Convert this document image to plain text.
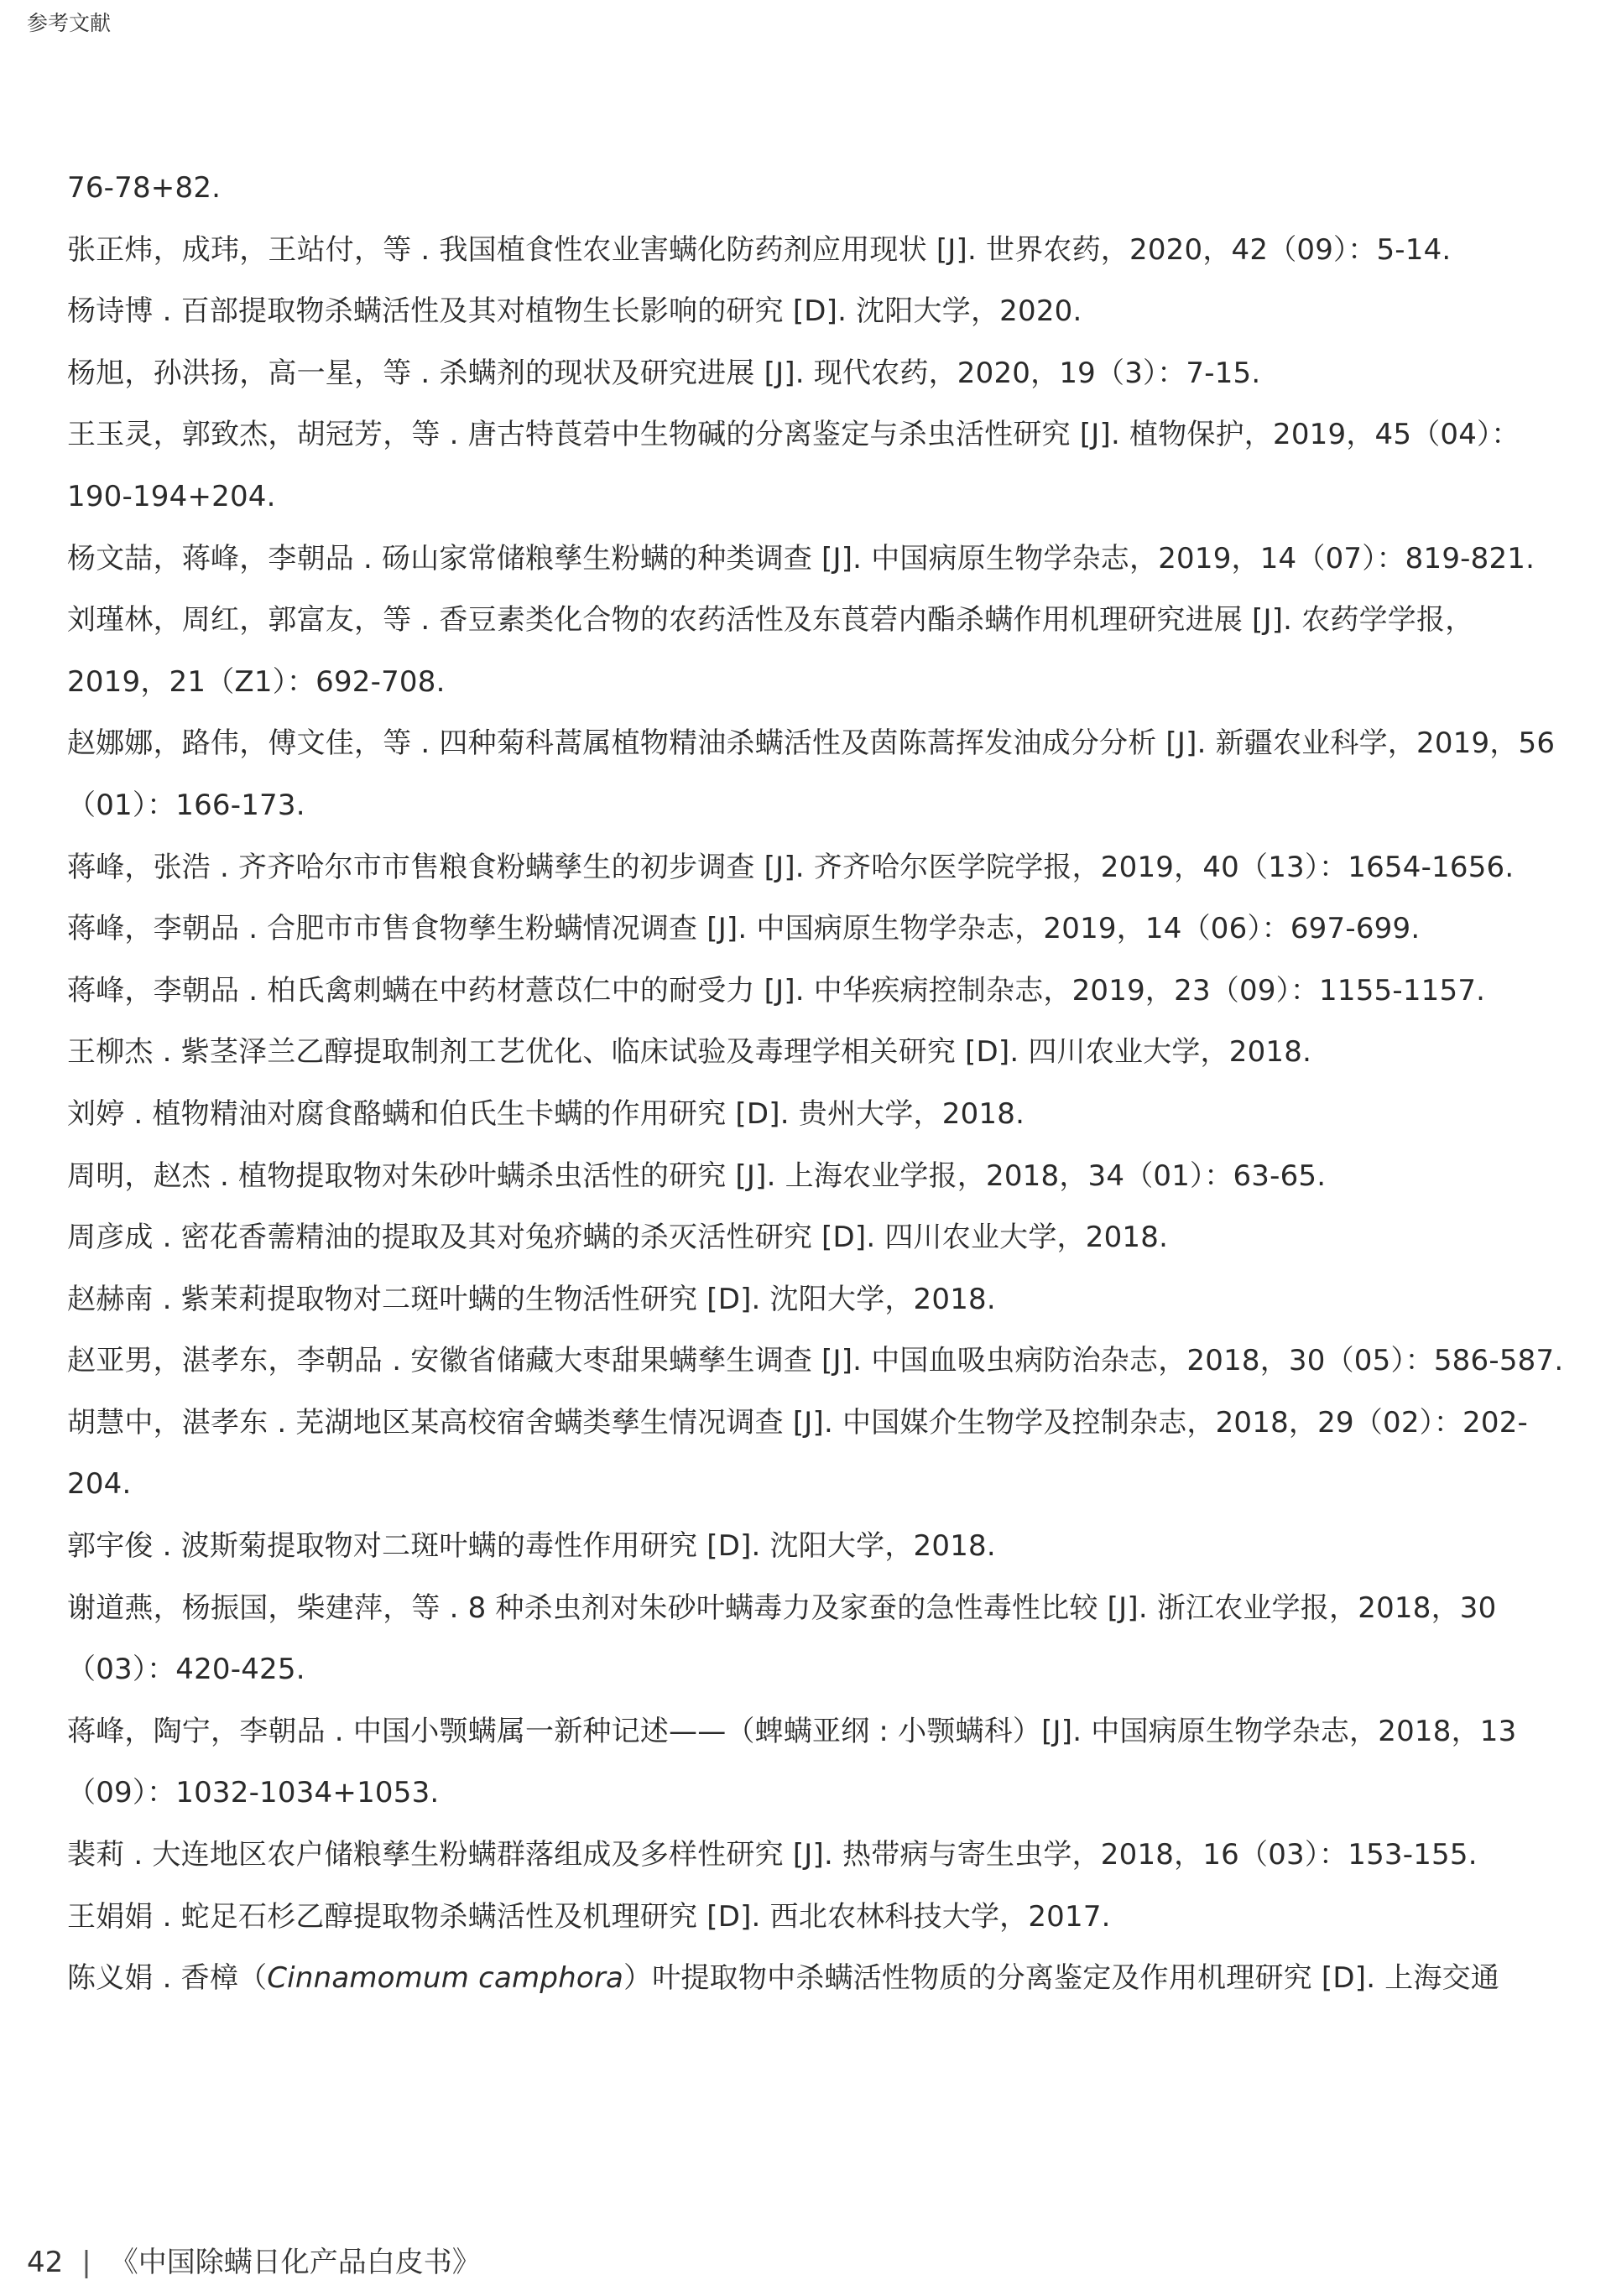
参考文献
76-78+82.
张正炜，成玮，王站付，等 . 我国植食性农业害螨化防药剂应用现状 [J]. 世界农药，2020，42（09）：5-14.
杨诗博 . 百部提取物杀螨活性及其对植物生长影响的研究 [D]. 沈阳大学，2020.
杨旭，孙洪扬，高一星，等 . 杀螨剂的现状及研究进展 [J]. 现代农药，2020，19（3）：7-15.
王玉灵，郭致杰，胡冠芳，等 . 唐古特莨菪中生物碱的分离鉴定与杀虫活性研究 [J]. 植物保护，2019，45（04）：190-194+204.
杨文喆，蒋峰，李朝品 . 砀山家常储粮孳生粉螨的种类调查 [J]. 中国病原生物学杂志，2019，14（07）：819-821.
刘瑾林，周红，郭富友，等 . 香豆素类化合物的农药活性及东莨菪内酯杀螨作用机理研究进展 [J]. 农药学学报，2019，21（Z1）：692-708.
赵娜娜，路伟，傅文佳，等 . 四种菊科蒿属植物精油杀螨活性及茵陈蒿挥发油成分分析 [J]. 新疆农业科学，2019，56（01）：166-173.
蒋峰，张浩 . 齐齐哈尔市市售粮食粉螨孳生的初步调查 [J]. 齐齐哈尔医学院学报，2019，40（13）：1654-1656.
蒋峰，李朝品 . 合肥市市售食物孳生粉螨情况调查 [J]. 中国病原生物学杂志，2019，14（06）：697-699.
蒋峰，李朝品 . 柏氏禽刺螨在中药材薏苡仁中的耐受力 [J]. 中华疾病控制杂志，2019，23（09）：1155-1157.
王柳杰 . 紫茎泽兰乙醇提取制剂工艺优化、临床试验及毒理学相关研究 [D]. 四川农业大学，2018.
刘婷 . 植物精油对腐食酪螨和伯氏生卡螨的作用研究 [D]. 贵州大学，2018.
周明，赵杰 . 植物提取物对朱砂叶螨杀虫活性的研究 [J]. 上海农业学报，2018，34（01）：63-65.
周彦成 . 密花香薷精油的提取及其对兔疥螨的杀灭活性研究 [D]. 四川农业大学，2018.
赵赫南 . 紫茉莉提取物对二斑叶螨的生物活性研究 [D]. 沈阳大学，2018.
赵亚男，湛孝东，李朝品 . 安徽省储藏大枣甜果螨孳生调查 [J]. 中国血吸虫病防治杂志，2018，30（05）：586-587.
胡慧中，湛孝东 . 芜湖地区某高校宿舍螨类孳生情况调查 [J]. 中国媒介生物学及控制杂志，2018，29（02）：202-204.
郭宇俊 . 波斯菊提取物对二斑叶螨的毒性作用研究 [D]. 沈阳大学，2018.
谢道燕，杨振国，柴建萍，等 . 8 种杀虫剂对朱砂叶螨毒力及家蚕的急性毒性比较 [J]. 浙江农业学报，2018，30（03）：420-425.
蒋峰，陶宁，李朝品 . 中国小颚螨属一新种记述——（蜱螨亚纲 : 小颚螨科）[J]. 中国病原生物学杂志，2018，13（09）：1032-1034+1053.
裴莉 . 大连地区农户储粮孳生粉螨群落组成及多样性研究 [J]. 热带病与寄生虫学，2018，16（03）：153-155.
王娟娟 . 蛇足石杉乙醇提取物杀螨活性及机理研究 [D]. 西北农林科技大学，2017.
陈义娟 . 香樟（Cinnamomum camphora）叶提取物中杀螨活性物质的分离鉴定及作用机理研究 [D]. 上海交通
42 | 《中国除螨日化产品白皮书》
